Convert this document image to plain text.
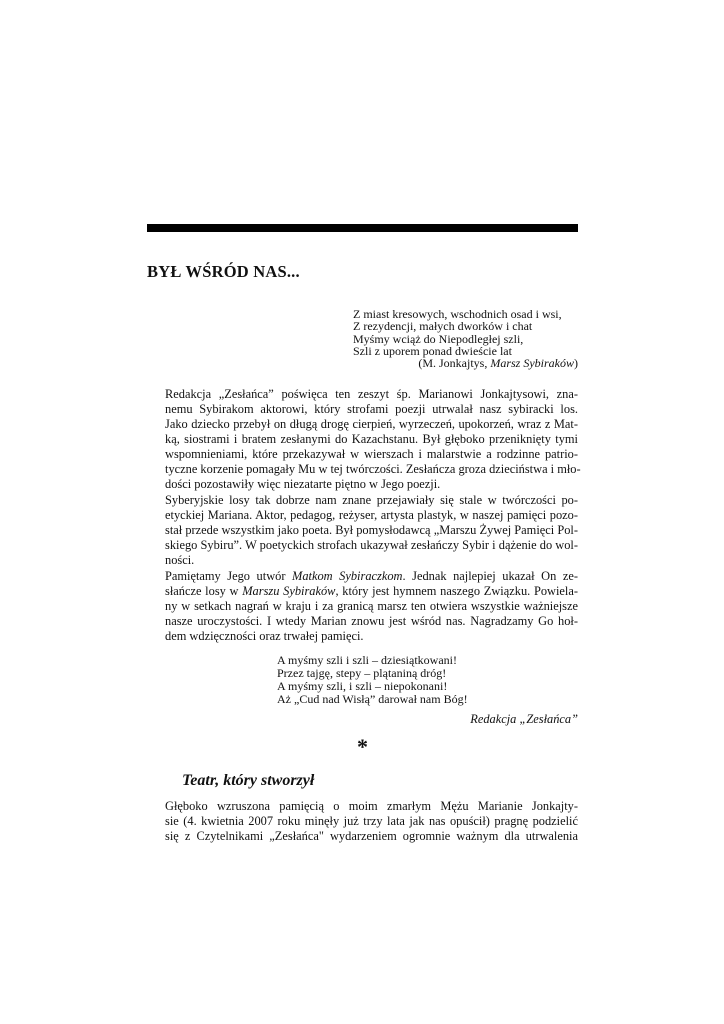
BYŁ WŚRÓD NAS...
Z miast kresowych, wschodnich osad i wsi,
Z rezydencji, małych dworków i chat
Myśmy wciąż do Niepodległej szli,
Szli z uporem ponad dwieście lat
(M. Jonkajtys, Marsz Sybiraków)
Redakcja „Zesłańca” poświęca ten zeszyt śp. Marianowi Jonkajtysowi, zna-
nemu Sybirakom aktorowi, który strofami poezji utrwalał nasz sybiracki los.
Jako dziecko przebył on długą drogę cierpień, wyrzeczeń, upokorzeń, wraz z Mat-
ką, siostrami i bratem zesłanymi do Kazachstanu. Był głęboko przeniknięty tymi
wspomnieniami, które przekazywał w wierszach i malarstwie a rodzinne patrio-
tyczne korzenie pomagały Mu w tej twórczości. Zesłańcza groza dzieciństwa i mło-
dości pozostawiły więc niezatarte piętno w Jego poezji.
Syberyjskie losy tak dobrze nam znane przejawiały się stale w twórczości po-
etyckiej Mariana. Aktor, pedagog, reżyser, artysta plastyk, w naszej pamięci pozo-
stał przede wszystkim jako poeta. Był pomysłodawcą „Marszu Żywej Pamięci Pol-
skiego Sybiru”. W poetyckich strofach ukazywał zesłańczy Sybir i dążenie do wol-
ności.
Pamiętamy Jego utwór Matkom Sybiraczkom. Jednak najlepiej ukazał On ze-
słańcze losy w Marszu Sybiraków, który jest hymnem naszego Związku. Powiela-
ny w setkach nagrań w kraju i za granicą marsz ten otwiera wszystkie ważniejsze
nasze uroczystości. I wtedy Marian znowu jest wśród nas. Nagradzamy Go hoł-
dem wdzięczności oraz trwałej pamięci.
A myśmy szli i szli – dziesiątkowani!
Przez tajgę, stepy – plątaniną dróg!
A myśmy szli, i szli – niepokonani!
Aż „Cud nad Wisłą” darował nam Bóg!
Redakcja „Zesłańca”
*
Teatr, który stworzył
Głęboko wzruszona pamięcią o moim zmarłym Mężu Marianie Jonkajty-
sie (4. kwietnia 2007 roku minęły już trzy lata jak nas opuścił) pragnę podzielić
się z Czytelnikami „Zesłańca" wydarzeniem ogromnie ważnym dla utrwalenia
